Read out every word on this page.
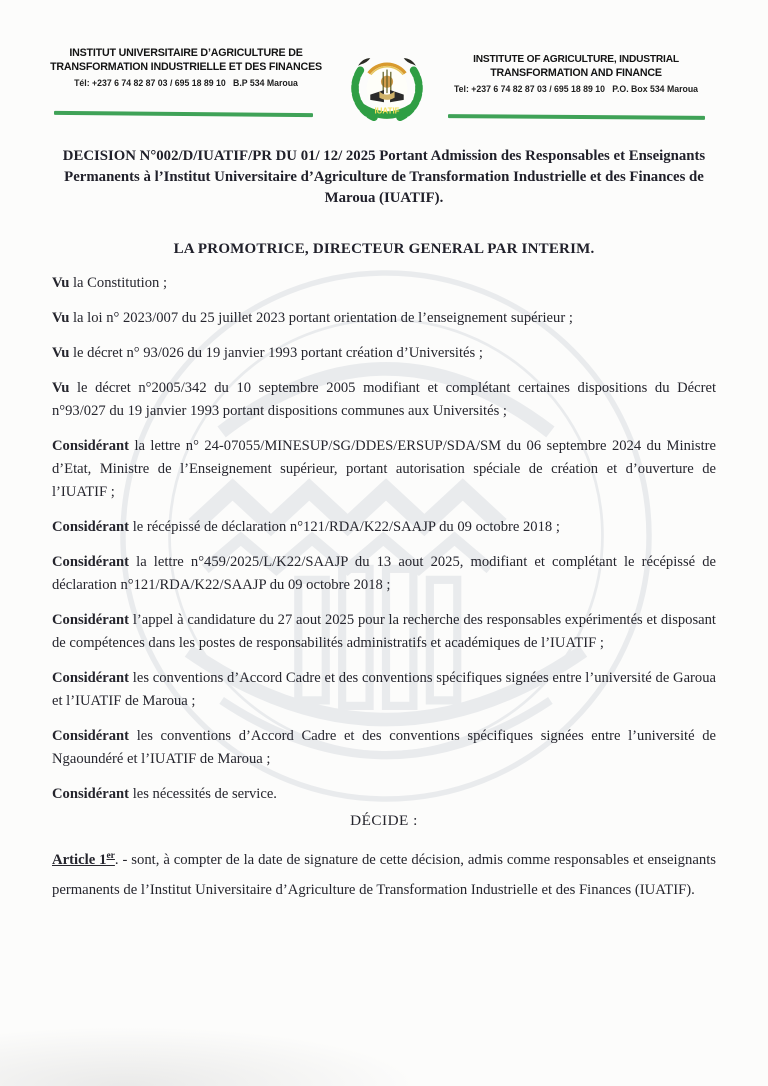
INSTITUT UNIVERSITAIRE D’AGRICULTURE DE
TRANSFORMATION INDUSTRIELLE ET DES FINANCES
Tél: +237 6 74 82 87 03 / 695 18 89 10   B.P 534 Maroua
IUATIF
INSTITUTE OF AGRICULTURE, INDUSTRIAL
TRANSFORMATION AND FINANCE
Tel: +237 6 74 82 87 03 / 695 18 89 10   P.O. Box 534 Maroua
DECISION N°002/D/IUATIF/PR DU 01/ 12/ 2025 Portant Admission des Responsables et Enseignants Permanents à l’Institut Universitaire d’Agriculture de Transformation Industrielle et des Finances de Maroua (IUATIF).
LA PROMOTRICE, DIRECTEUR GENERAL PAR INTERIM.

Vu la Constitution ;

Vu la loi n° 2023/007 du 25 juillet 2023 portant orientation de l’enseignement supérieur ;

Vu le décret n° 93/026 du 19 janvier 1993 portant création d’Universités ;

Vu le décret n°2005/342 du 10 septembre 2005 modifiant et complétant certaines dispositions du Décret n°93/027 du 19 janvier 1993 portant dispositions communes aux Universités ;

Considérant la lettre n° 24-07055/MINESUP/SG/DDES/ERSUP/SDA/SM du 06 septembre 2024 du Ministre d’Etat, Ministre de l’Enseignement supérieur, portant autorisation spéciale de création et d’ouverture de l’IUATIF ;

Considérant le récépissé de déclaration n°121/RDA/K22/SAAJP du 09 octobre 2018 ;

Considérant la lettre n°459/2025/L/K22/SAAJP du 13 aout 2025, modifiant et complétant le récépissé de déclaration n°121/RDA/K22/SAAJP du 09 octobre 2018 ;

Considérant l’appel à candidature du 27 aout 2025 pour la recherche des responsables expérimentés et disposant de compétences dans les postes de responsabilités administratifs et académiques de l’IUATIF ;

Considérant les conventions d’Accord Cadre et des conventions spécifiques signées entre l’université de Garoua et l’IUATIF de Maroua ;

Considérant les conventions d’Accord Cadre et des conventions spécifiques signées entre l’université de Ngaoundéré et l’IUATIF de Maroua ;

Considérant les nécessités de service.

DÉCIDE :

Article 1er. - sont, à compter de la date de signature de cette décision, admis comme responsables et enseignants permanents de l’Institut Universitaire d’Agriculture de Transformation Industrielle et des Finances (IUATIF).
